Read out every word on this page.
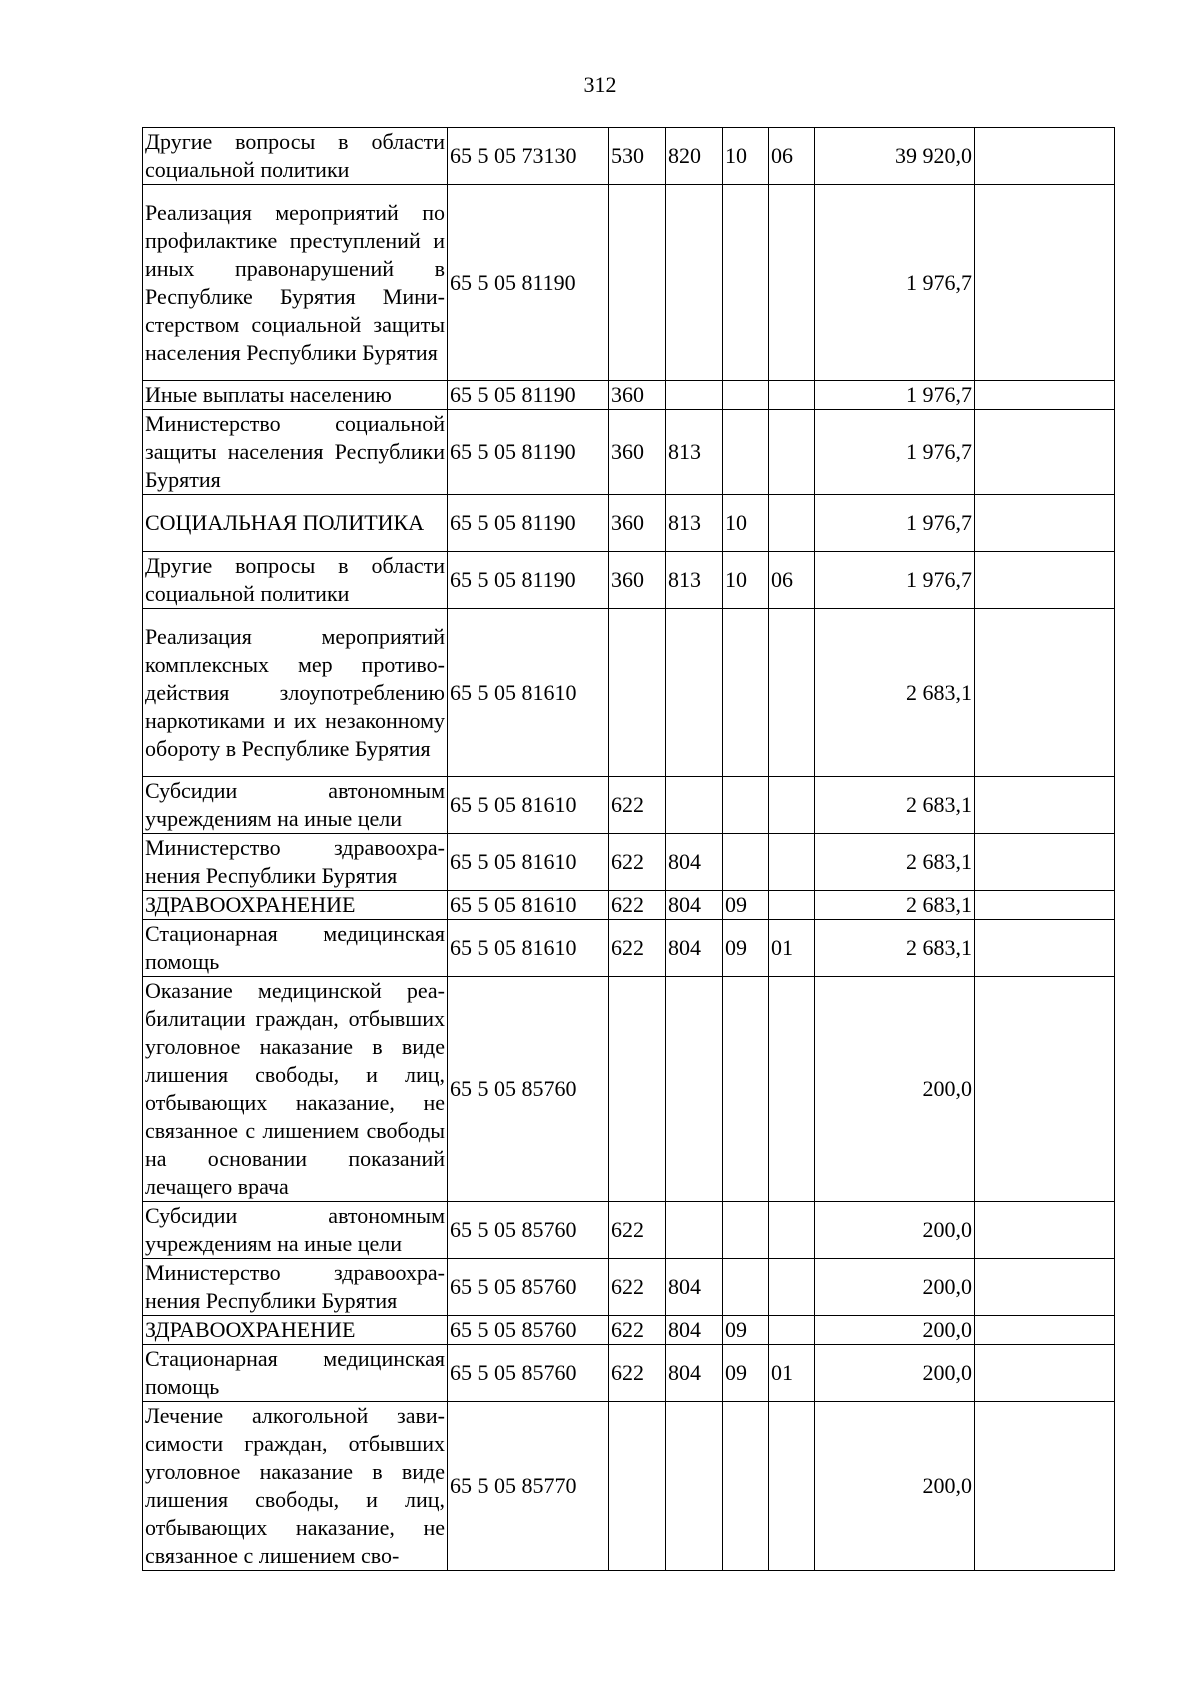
312
Другие вопросы в области социальной политики	65 5 05 73130	530	820	10	06	39 920,0	
Реализация мероприятий по профилактике преступлений и иных правонарушений в Республике Бурятия Министерством социальной защиты населения Республики Бурятия	65 5 05 81190					1 976,7	
Иные выплаты населению	65 5 05 81190	360				1 976,7	
Министерство социальной защиты населения Республики Бурятия	65 5 05 81190	360	813			1 976,7	
СОЦИАЛЬНАЯ ПОЛИТИКА	65 5 05 81190	360	813	10		1 976,7	
Другие вопросы в области социальной политики	65 5 05 81190	360	813	10	06	1 976,7	
Реализация мероприятий комплексных мер противодействия злоупотреблению наркотиками и их незаконному обороту в Республике Бурятия	65 5 05 81610					2 683,1	
Субсидии автономным учреждениям на иные цели	65 5 05 81610	622				2 683,1	
Министерство здравоохранения Республики Бурятия	65 5 05 81610	622	804			2 683,1	
ЗДРАВООХРАНЕНИЕ	65 5 05 81610	622	804	09		2 683,1	
Стационарная медицинская помощь	65 5 05 81610	622	804	09	01	2 683,1	
Оказание медицинской реабилитации граждан, отбывших уголовное наказание в виде лишения свободы, и лиц, отбывающих наказание, не связанное с лишением свободы на основании показаний лечащего врача	65 5 05 85760					200,0	
Субсидии автономным учреждениям на иные цели	65 5 05 85760	622				200,0	
Министерство здравоохранения Республики Бурятия	65 5 05 85760	622	804			200,0	
ЗДРАВООХРАНЕНИЕ	65 5 05 85760	622	804	09		200,0	
Стационарная медицинская помощь	65 5 05 85760	622	804	09	01	200,0	
Лечение алкогольной зависимости граждан, отбывших уголовное наказание в виде лишения свободы, и лиц, отбывающих наказание, не связанное с лишением сво-	65 5 05 85770					200,0	
